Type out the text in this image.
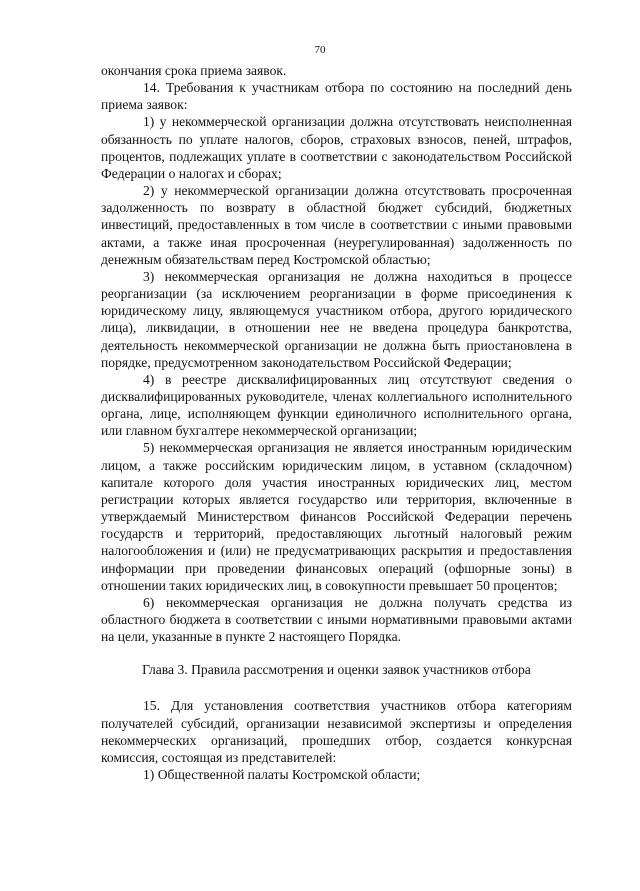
70

окончания срока приема заявок.

14. Требования к участникам отбора по состоянию на последний день приема заявок:

1) у некоммерческой организации должна отсутствовать неисполненная обязанность по уплате налогов, сборов, страховых взносов, пеней, штрафов, процентов, подлежащих уплате в соответствии с законодательством Российской Федерации о налогах и сборах;

2) у некоммерческой организации должна отсутствовать просроченная задолженность по возврату в областной бюджет субсидий, бюджетных инвестиций, предоставленных в том числе в соответствии с иными правовыми актами, а также иная просроченная (неурегулированная) задолженность по денежным обязательствам перед Костромской областью;

3) некоммерческая организация не должна находиться в процессе реорганизации (за исключением реорганизации в форме присоединения к юридическому лицу, являющемуся участником отбора, другого юридического лица), ликвидации, в отношении нее не введена процедура банкротства, деятельность некоммерческой организации не должна быть приостановлена в порядке, предусмотренном законодательством Российской Федерации;

4) в реестре дисквалифицированных лиц отсутствуют сведения о дисквалифицированных руководителе, членах коллегиального исполнительного органа, лице, исполняющем функции единоличного исполнительного органа, или главном бухгалтере некоммерческой организации;

5) некоммерческая организация не является иностранным юридическим лицом, а также российским юридическим лицом, в уставном (складочном) капитале которого доля участия иностранных юридических лиц, местом регистрации которых является государство или территория, включенные в утверждаемый Министерством финансов Российской Федерации перечень государств и территорий, предоставляющих льготный налоговый режим налогообложения и (или) не предусматривающих раскрытия и предоставления информации при проведении финансовых операций (офшорные зоны) в отношении таких юридических лиц, в совокупности превышает 50 процентов;

6) некоммерческая организация не должна получать средства из областного бюджета в соответствии с иными нормативными правовыми актами на цели, указанные в пункте 2 настоящего Порядка.

Глава 3. Правила рассмотрения и оценки заявок участников отбора

15. Для установления соответствия участников отбора категориям получателей субсидий, организации независимой экспертизы и определения некоммерческих организаций, прошедших отбор, создается конкурсная комиссия, состоящая из представителей:

1) Общественной палаты Костромской области;
